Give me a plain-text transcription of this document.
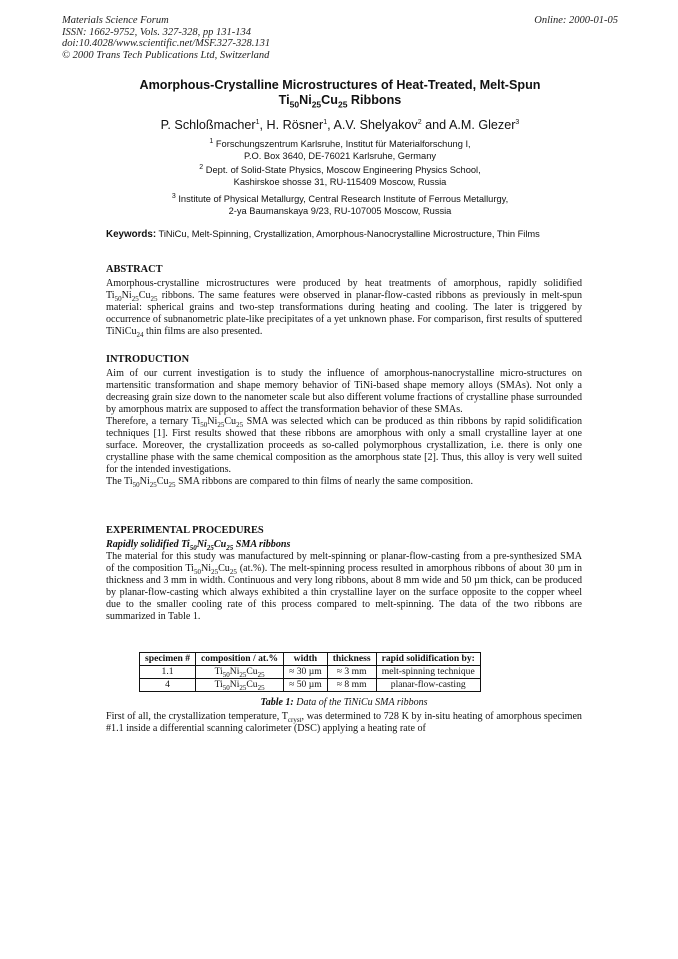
Materials Science Forum
ISSN: 1662-9752, Vols. 327-328, pp 131-134
doi:10.4028/www.scientific.net/MSF.327-328.131
© 2000 Trans Tech Publications Ltd, Switzerland
Online: 2000-01-05
Amorphous-Crystalline Microstructures of Heat-Treated, Melt-Spun
$Ti_{50}Ni_{25}Cu_{25}$ Ribbons
P. Schloßmacher$^1$, H. Rösner$^1$, A.V. Shelyakov$^2$ and A.M. Glezer$^3$
$^1$ Forschungszentrum Karlsruhe, Institut für Materialforschung I,
P.O. Box 3640, DE-76021 Karlsruhe, Germany
$^2$ Dept. of Solid-State Physics, Moscow Engineering Physics School,
Kashirskoe shosse 31, RU-115409 Moscow, Russia
$^3$ Institute of Physical Metallurgy, Central Research Institute of Ferrous Metallurgy,
2-ya Baumanskaya 9/23, RU-107005 Moscow, Russia
Keywords: TiNiCu, Melt-Spinning, Crystallization, Amorphous-Nanocrystalline Microstructure, Thin Films
ABSTRACT

Amorphous-crystalline microstructures were produced by heat treatments of amorphous, rapidly solidified $Ti_{50}Ni_{25}Cu_{25}$ ribbons. The same features were observed in planar-flow-casted ribbons as previously in melt-spun material: spherical grains and two-step transformations during heating and cooling. The later is triggered by occurrence of subnanometric plate-like precipitates of a yet unknown phase. For comparison, first results of sputtered TiNiCu$_{24}$ thin films are also presented.

INTRODUCTION

Aim of our current investigation is to study the influence of amorphous-nanocrystalline micro-structures on martensitic transformation and shape memory behavior of TiNi-based shape memory alloys (SMAs). Not only a decreasing grain size down to the nanometer scale but also different volume fractions of crystalline phase surrounded by amorphous matrix are supposed to affect the transformation behavior of these SMAs.

Therefore, a ternary $Ti_{50}Ni_{25}Cu_{25}$ SMA was selected which can be produced as thin ribbons by rapid solidification techniques [1]. First results showed that these ribbons are amorphous with only a small crystalline layer at one surface. Moreover, the crystallization proceeds as so-called polymorphous crystallization, i.e. there is only one crystalline phase with the same chemical composition as the amorphous state [2]. Thus, this alloy is very well suited for the intended investigations.

The $Ti_{50}Ni_{25}Cu_{25}$ SMA ribbons are compared to thin films of nearly the same composition.

EXPERIMENTAL PROCEDURES
Rapidly solidified $Ti_{50}Ni_{25}Cu_{25}$ SMA ribbons

The material for this study was manufactured by melt-spinning or planar-flow-casting from a pre-synthesized SMA of the composition $Ti_{50}Ni_{25}Cu_{25}$ (at.%). The melt-spinning process resulted in amorphous ribbons of about 30 µm in thickness and 3 mm in width. Continuous and very long ribbons, about 8 mm wide and 50 µm thick, can be produced by planar-flow-casting which always exhibited a thin crystalline layer on the surface opposite to the copper wheel due to the smaller cooling rate of this process compared to melt-spinning. The data of the two ribbons are summarized in Table 1.

specimen #	composition / at.%	width	thickness	rapid solidification by:
1.1	$Ti_{50}Ni_{25}Cu_{25}$	≈ 30 µm	≈ 3 mm	melt-spinning technique
4	$Ti_{50}Ni_{25}Cu_{25}$	≈ 50 µm	≈ 8 mm	planar-flow-casting
Table 1: Data of the TiNiCu SMA ribbons
First of all, the crystallization temperature, $T_{cryst}$, was determined to 728 K by in-situ heating of amorphous specimen #1.1 inside a differential scanning calorimeter (DSC) applying a heating rate of
